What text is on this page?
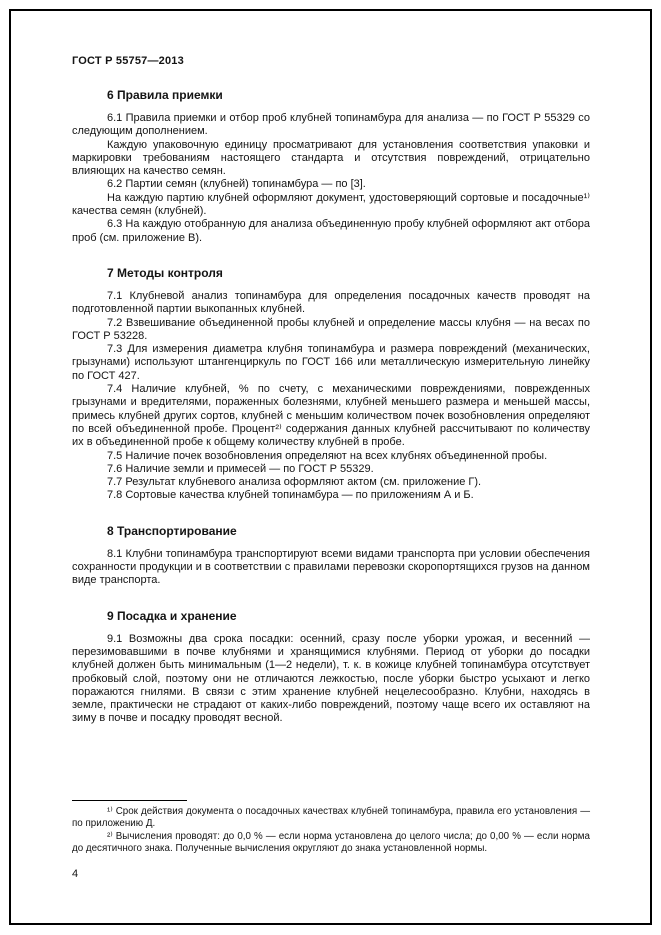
ГОСТ Р 55757—2013
6 Правила приемки

6.1 Правила приемки и отбор проб клубней топинамбура для анализа — по ГОСТ Р 55329 со следующим дополнением.

Каждую упаковочную единицу просматривают для установления соответствия упаковки и маркировки требованиям настоящего стандарта и отсутствия повреждений, отрицательно влияющих на качество семян.

6.2 Партии семян (клубней) топинамбура — по [3].

На каждую партию клубней оформляют документ, удостоверяющий сортовые и посадочные¹⁾ качества семян (клубней).

6.3 На каждую отобранную для анализа объединенную пробу клубней оформляют акт отбора проб (см. приложение В).

7 Методы контроля

7.1 Клубневой анализ топинамбура для определения посадочных качеств проводят на подготовленной партии выкопанных клубней.

7.2 Взвешивание объединенной пробы клубней и определение массы клубня — на весах по ГОСТ Р 53228.

7.3 Для измерения диаметра клубня топинамбура и размера повреждений (механических, грызунами) используют штангенциркуль по ГОСТ 166 или металлическую измерительную линейку по ГОСТ 427.

7.4 Наличие клубней, % по счету, с механическими повреждениями, поврежденных грызунами и вредителями, пораженных болезнями, клубней меньшего размера и меньшей массы, примесь клубней других сортов, клубней с меньшим количеством почек возобновления определяют по всей объединенной пробе. Процент²⁾ содержания данных клубней рассчитывают по количеству их в объединенной пробе к общему количеству клубней в пробе.

7.5 Наличие почек возобновления определяют на всех клубнях объединенной пробы.

7.6 Наличие земли и примесей — по ГОСТ Р 55329.

7.7 Результат клубневого анализа оформляют актом (см. приложение Г).

7.8 Сортовые качества клубней топинамбура — по приложениям А и Б.

8 Транспортирование

8.1 Клубни топинамбура транспортируют всеми видами транспорта при условии обеспечения сохранности продукции и в соответствии с правилами перевозки скоропортящихся грузов на данном виде транспорта.

9 Посадка и хранение

9.1 Возможны два срока посадки: осенний, сразу после уборки урожая, и весенний — перезимовавшими в почве клубнями и хранящимися клубнями. Период от уборки до посадки клубней должен быть минимальным (1—2 недели), т. к. в кожице клубней топинамбура отсутствует пробковый слой, поэтому они не отличаются лежкостью, после уборки быстро усыхают и легко поражаются гнилями. В связи с этим хранение клубней нецелесообразно. Клубни, находясь в земле, практически не страдают от каких-либо повреждений, поэтому чаще всего их оставляют на зиму в почве и посадку проводят весной.

¹⁾ Срок действия документа о посадочных качествах клубней топинамбура, правила его установления — по приложению Д.

²⁾ Вычисления проводят: до 0,0 % — если норма установлена до целого числа; до 0,00 % — если норма до десятичного знака. Полученные вычисления округляют до знака установленной нормы.

4
